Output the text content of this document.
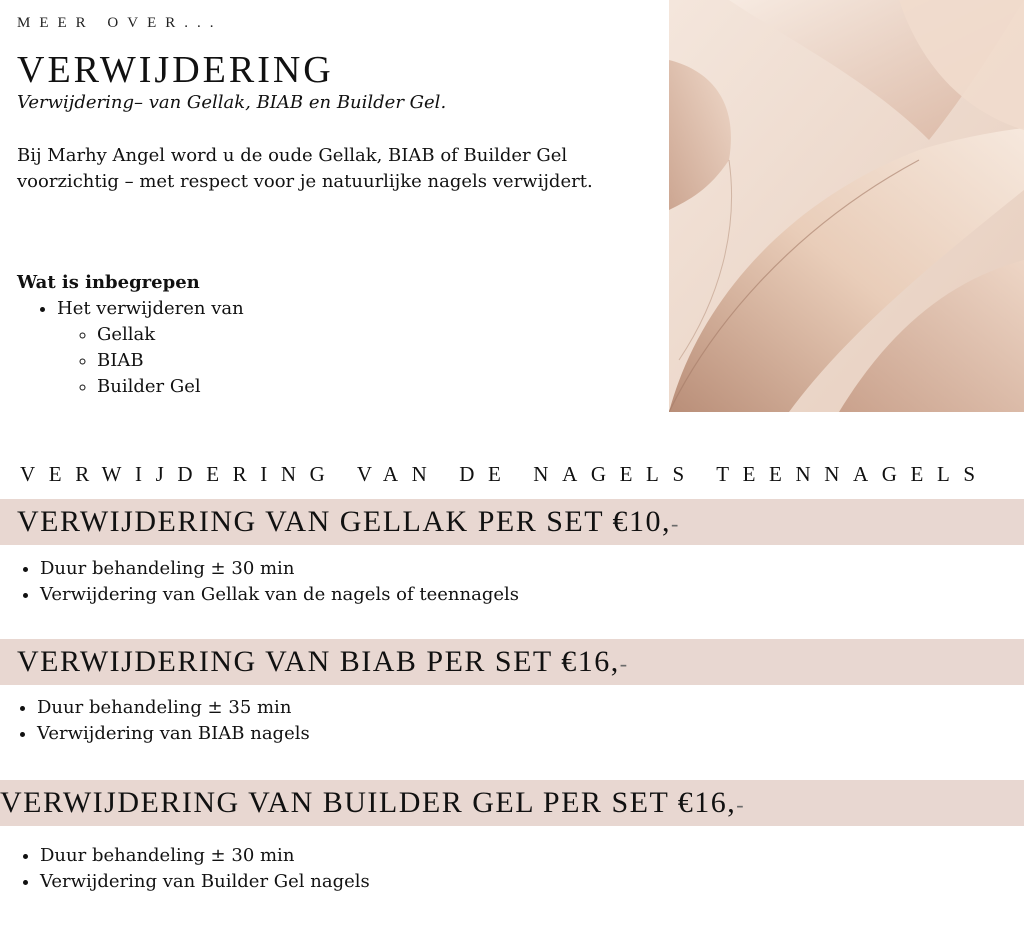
MEER OVER...
VERWIJDERING
Verwijdering– van Gellak, BIAB en Builder Gel.
Bij Marhy Angel word u de oude Gellak, BIAB of Builder Gel voorzichtig – met respect voor je natuurlijke nagels verwijdert.
Wat is inbegrepen
• Het verwijderen van
◦ Gellak
◦ BIAB
◦ Builder Gel
VERWIJDERING VAN DE NAGELS TEENNAGELS
VERWIJDERING VAN GELLAK PER SET €10,-
• Duur behandeling ± 30 min
• Verwijdering van Gellak van de nagels of teennagels
VERWIJDERING VAN BIAB PER SET €16,-
• Duur behandeling ± 35 min
• Verwijdering van BIAB nagels
VERWIJDERING VAN BUILDER GEL PER SET €16,-
• Duur behandeling ± 30 min
• Verwijdering van Builder Gel nagels
